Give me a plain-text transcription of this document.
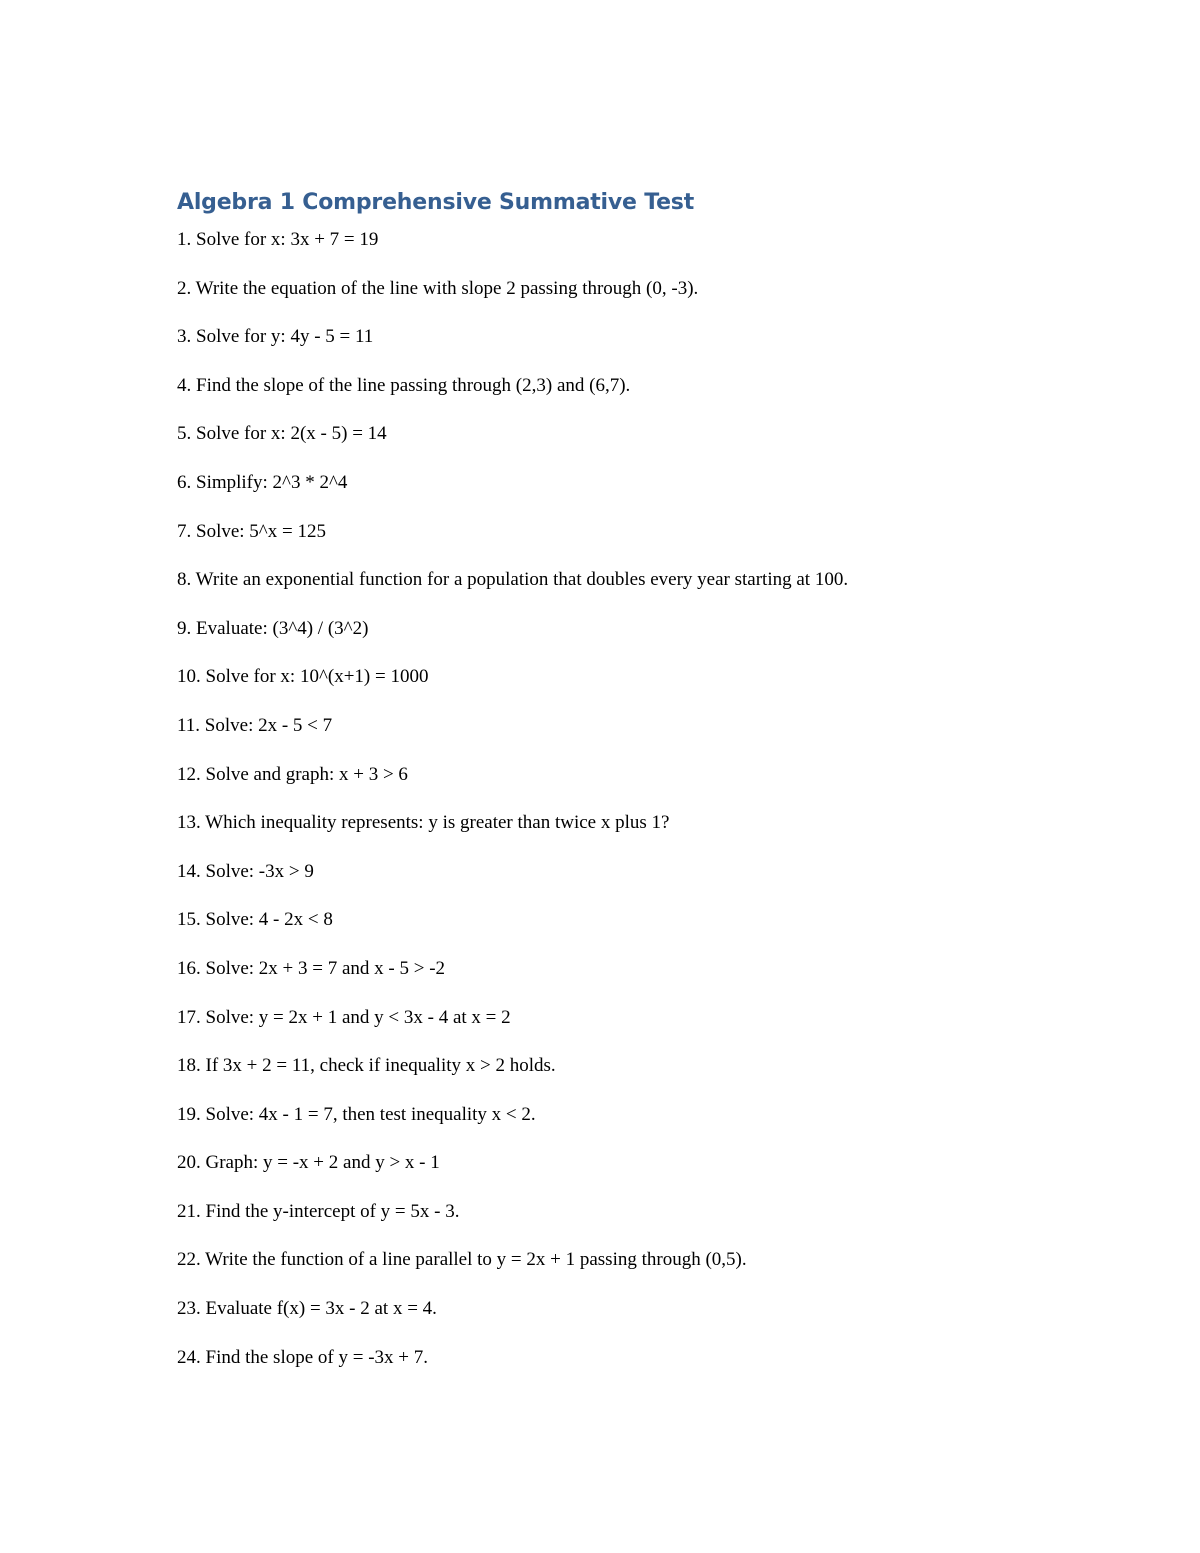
Algebra 1 Comprehensive Summative Test
1. Solve for x: 3x + 7 = 19
2. Write the equation of the line with slope 2 passing through (0, -3).
3. Solve for y: 4y - 5 = 11
4. Find the slope of the line passing through (2,3) and (6,7).
5. Solve for x: 2(x - 5) = 14
6. Simplify: 2^3 * 2^4
7. Solve: 5^x = 125
8. Write an exponential function for a population that doubles every year starting at 100.
9. Evaluate: (3^4) / (3^2)
10. Solve for x: 10^(x+1) = 1000
11. Solve: 2x - 5 < 7
12. Solve and graph: x + 3 > 6
13. Which inequality represents: y is greater than twice x plus 1?
14. Solve: -3x > 9
15. Solve: 4 - 2x < 8
16. Solve: 2x + 3 = 7 and x - 5 > -2
17. Solve: y = 2x + 1 and y < 3x - 4 at x = 2
18. If 3x + 2 = 11, check if inequality x > 2 holds.
19. Solve: 4x - 1 = 7, then test inequality x < 2.
20. Graph: y = -x + 2 and y > x - 1
21. Find the y-intercept of y = 5x - 3.
22. Write the function of a line parallel to y = 2x + 1 passing through (0,5).
23. Evaluate f(x) = 3x - 2 at x = 4.
24. Find the slope of y = -3x + 7.
